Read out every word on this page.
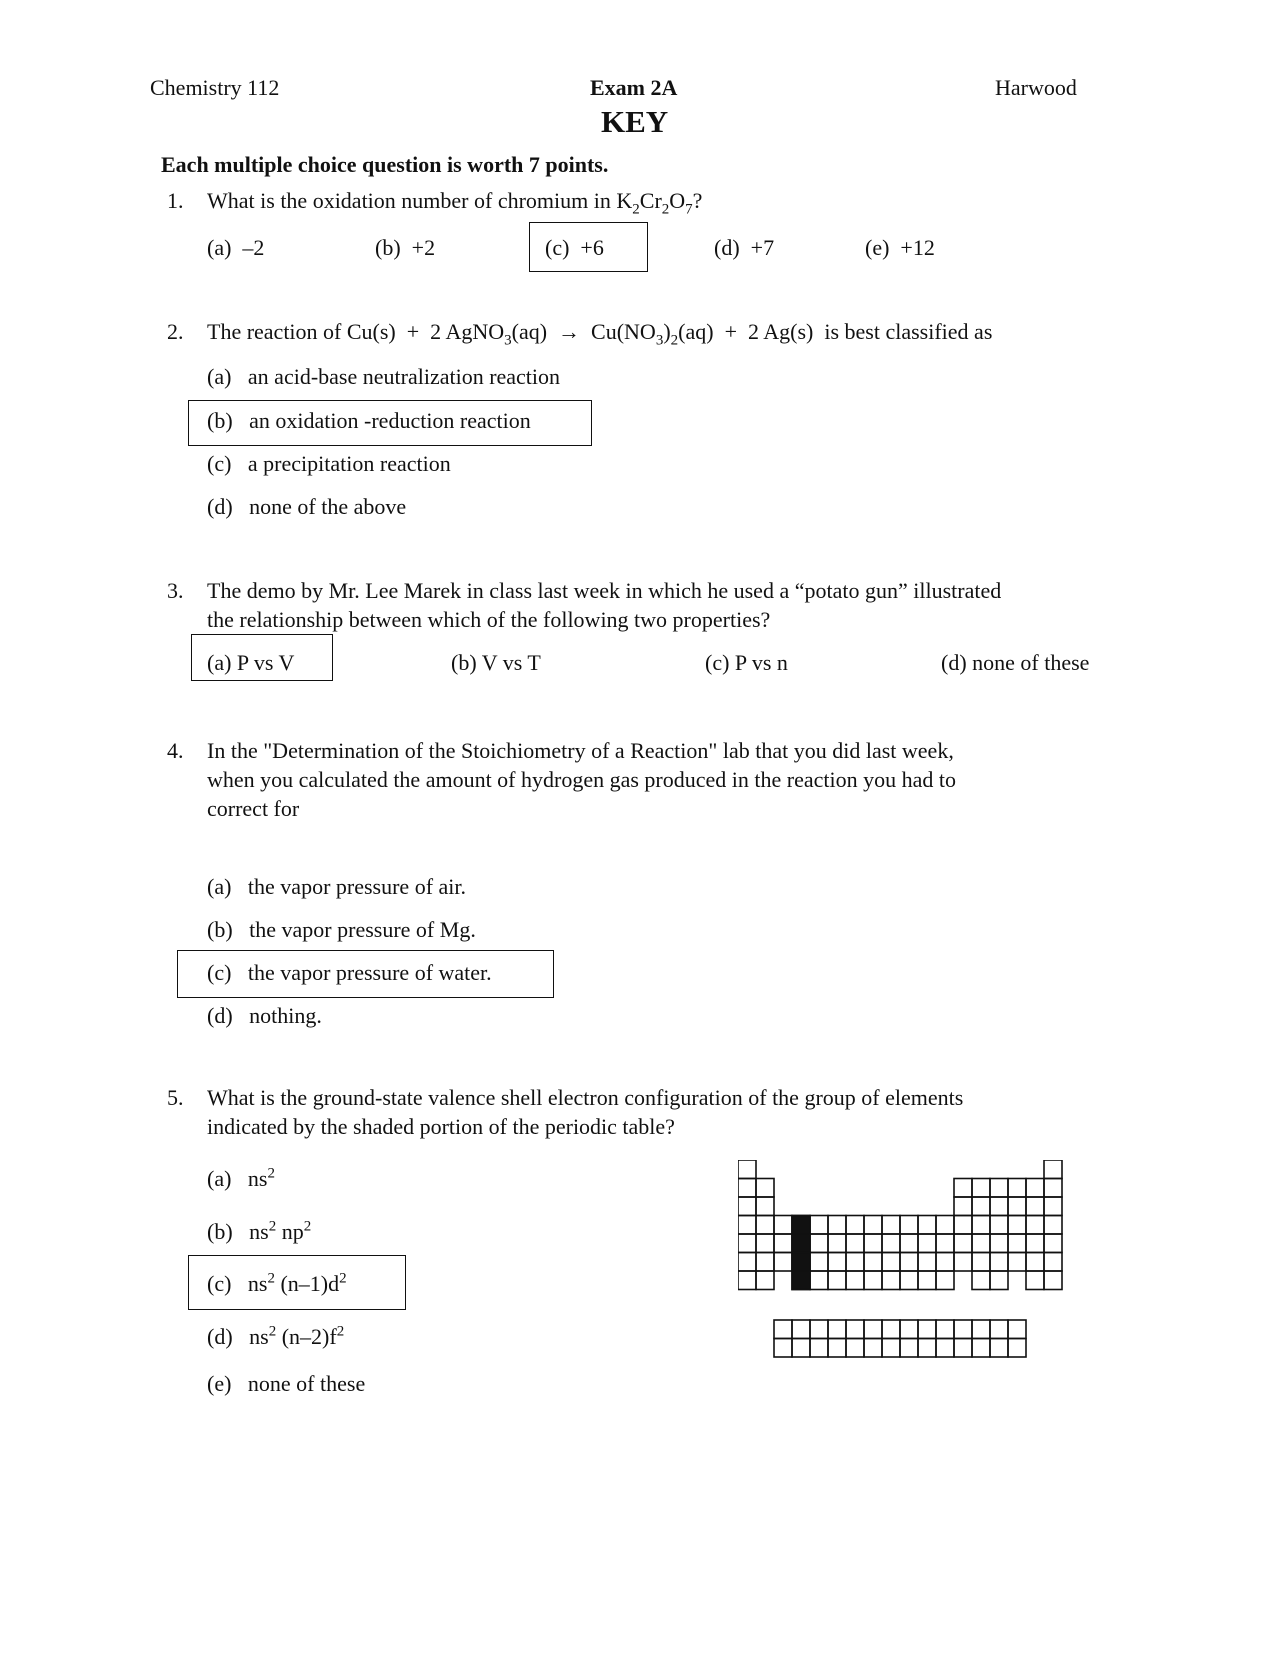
Chemistry 112	Exam 2A	Harwood
KEY
Each multiple choice question is worth 7 points.
1. What is the oxidation number of chromium in $K_2Cr_2O_7$?
(a) –2	(b) +2	(c) +6	(d) +7	(e) +12
2. The reaction of Cu(s)  +  2 AgNO$_3$(aq)  →  $Cu(NO_3)_2(aq) + 2$ Ag(s)  is best classified as
(a) an acid-base neutralization reaction
(b) an oxidation -reduction reaction
(c) a precipitation reaction
(d) none of the above
3. The demo by Mr. Lee Marek in class last week in which he used a “potato gun” illustrated
the relationship between which of the following two properties?
(a) P vs V	(b) V vs T	(c) P vs n	(d) none of these
4. In the "Determination of the Stoichiometry of a Reaction" lab that you did last week,
when you calculated the amount of hydrogen gas produced in the reaction you had to
correct for
(a) the vapor pressure of air.
(b) the vapor pressure of Mg.
(c) the vapor pressure of water.
(d) nothing.
5. What is the ground-state valence shell electron configuration of the group of elements
indicated by the shaded portion of the periodic table?
(a) $ns^2$
(b) $ns^2$ $np^2$
(c) $ns^2$ $(n-1)d^2$
(d) $ns^2$ $(n-2)f^2$
(e) none of these
